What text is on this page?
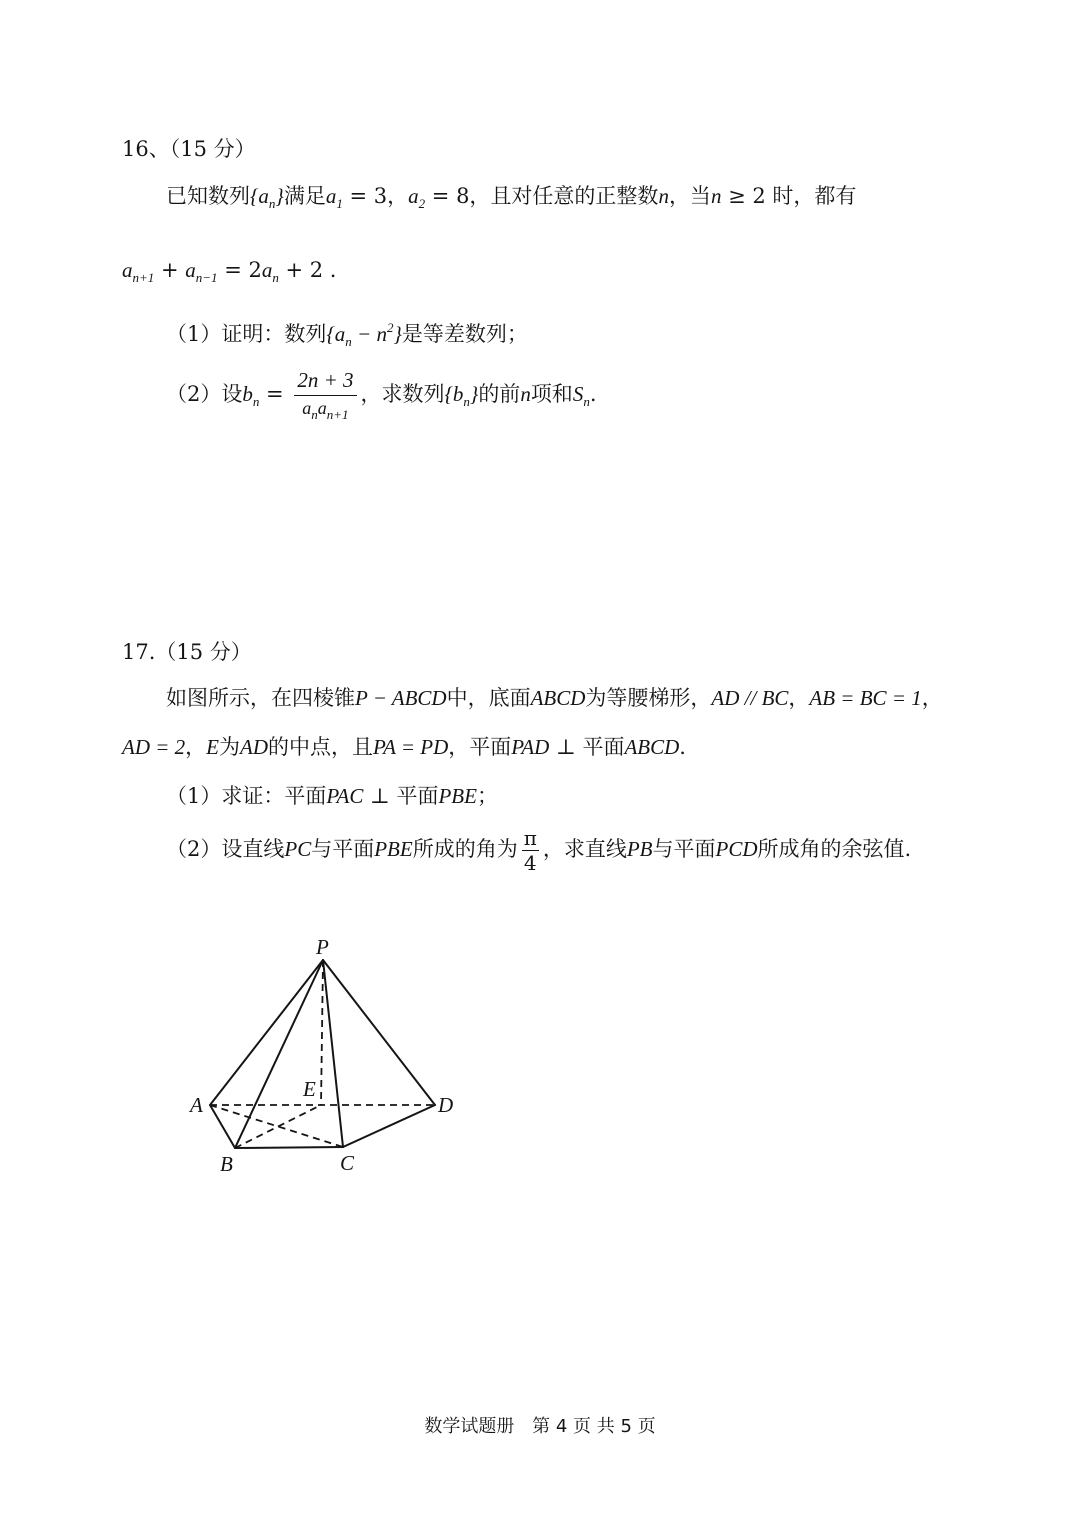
16、（15 分）
已知数列$\{a_n\}$满足$a_1 = 3$，$a_2 = 8$，且对任意的正整数n，当n ≥ 2 时，都有
$a_{n+1} + a_{n-1} = 2a_n + 2$ .
（1）证明：数列$\{a_n - n^2\}$是等差数列；
（2）设$b_n = \frac{2n + 3}{a_na_{n+1}}$ ，求数列$\{b_n\}$的前n项和$S_n$.
17.（15 分）
如图所示，在四棱锥P − ABCD中，底面ABCD为等腰梯形，AD // BC，AB = BC = 1，
AD = 2，E为AD的中点，且PA = PD，平面PAD ⊥ 平面ABCD.
（1）求证：平面PAC ⊥ 平面PBE；
（2）设直线PC与平面PBE所成的角为 $\frac{\pi}{4}$ ，求直线PB与平面PCD所成角的余弦值.
P
A
B	C
D
E
数学试题册 第 4 页 共 5 页
